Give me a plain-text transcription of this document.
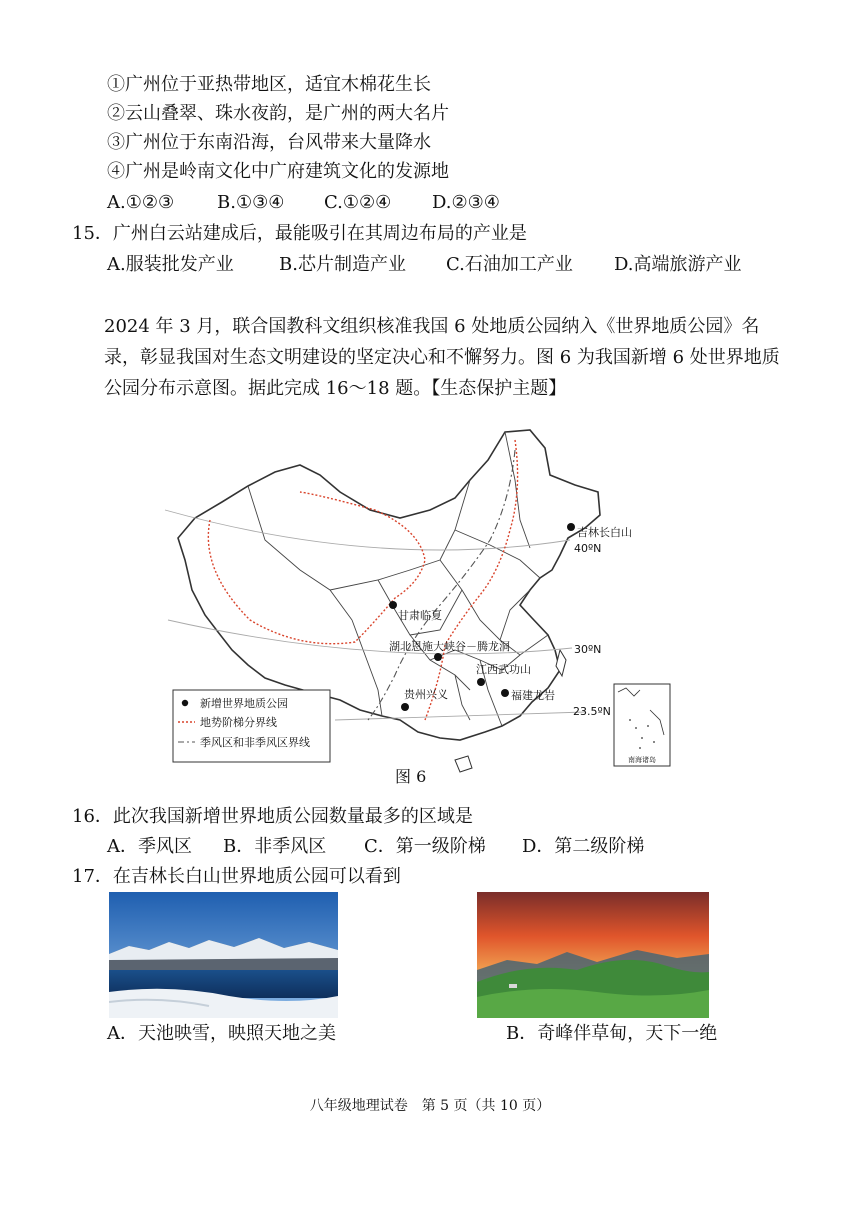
①广州位于亚热带地区，适宜木棉花生长
②云山叠翠、珠水夜韵，是广州的两大名片
③广州位于东南沿海，台风带来大量降水
④广州是岭南文化中广府建筑文化的发源地
A.①②③ B.①③④ C.①②④ D.②③④
15．广州白云站建成后，最能吸引在其周边布局的产业是
A.服装批发产业	B.芯片制造产业 C.石油加工产业 D.高端旅游产业
2024 年 3 月，联合国教科文组织核准我国 6 处地质公园纳入《世界地质公园》名录，彰显我国对生态文明建设的坚定决心和不懈努力。图 6 为我国新增 6 处世界地质公园分布示意图。据此完成 16～18 题。【生态保护主题】
吉林长白山
甘肃临夏
湖北恩施大峡谷－腾龙洞
江西武功山
贵州兴义	福建龙岩
40ºN
30ºN
23.5ºN
南海诸岛
新增世界地质公园
地势阶梯分界线
季风区和非季风区界线
图 6
16．此次我国新增世界地质公园数量最多的区域是
A．季风区 B．非季风区 C．第一级阶梯 D．第二级阶梯
17．在吉林长白山世界地质公园可以看到
A．天池映雪，映照天地之美	B．奇峰伴草甸，天下一绝
八年级地理试卷　第 5 页（共 10 页）
